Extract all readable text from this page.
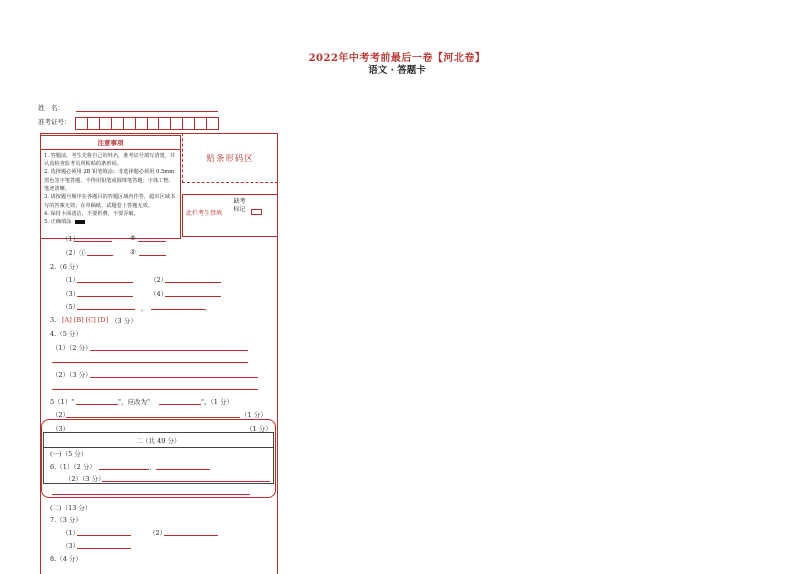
2022年中考考前最后一卷【河北卷】
语文 · 答题卡
姓　名：
准考证号：
注意事项
1. 答题前，考生先将自己的姓名，准考证号填写清楚，并认真检查监考员所粘贴的条形码。
2. 选择题必须用 2B 铅笔填涂；非选择题必须用 0.5mm 黑色签字笔答题，不得用铅笔或圆珠笔答题；字体工整、笔迹清晰。
3. 请按题号顺序在各题目的答题区域内作答，超出区域书写的答案无效；在草稿纸、试题卷上答题无效。
4. 保持卡面清洁，不要折叠，不要弄破。
5. 正确填涂
贴条形码区
此栏考生禁填
缺考标记
（1）	⑥
（2）①	②
2.（6 分）
（1）	（2）
（3）	（4）
（5）	，	。
3. [A] [B] [C] [D] （3 分）
4.（5 分）
（1）（2 分）
（2）（3 分）
5（1）"	"，应改为"	"。（1 分）
（2）	（1 分）
（3）	（1 分）
二（共 49 分）
(一)（5 分）
6.（1）（2 分）	、
（2）（3 分）
(二)（13 分）
7.（3 分）
（1）	（2）
（3）
8.（4 分）
